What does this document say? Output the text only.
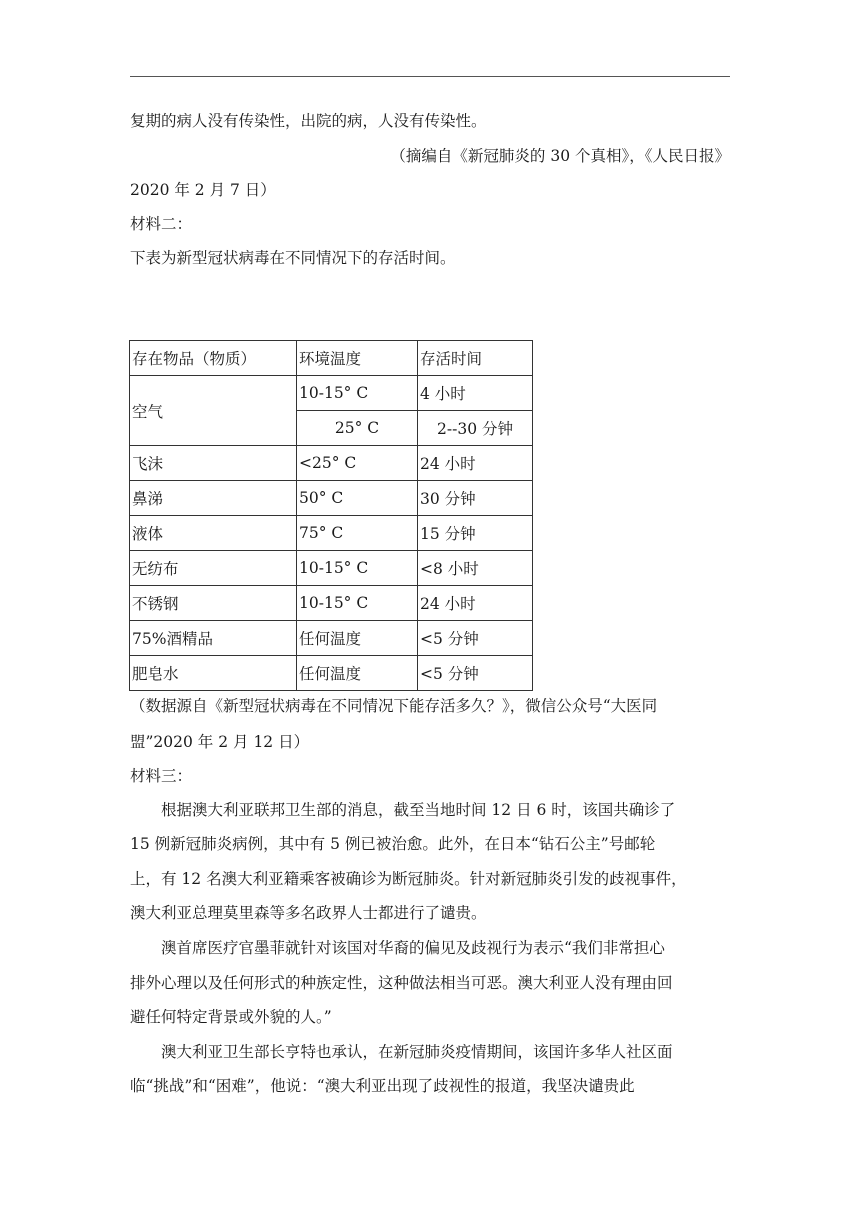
复期的病人没有传染性，出院的病，人没有传染性。
（摘编自《新冠肺炎的 30 个真相》，《人民日报》
2020 年 2 月 7 日）
材料二：
下表为新型冠状病毒在不同情况下的存活时间。
存在物品（物质）	环境温度	存活时间
空气	10-15° C	4 小时
	25° C	2--30 分钟
飞沫	<25° C	24 小时
鼻涕	50° C	30 分钟
液体	75° C	15 分钟
无纺布	10-15° C	<8 小时
不锈钢	10-15° C	24 小时
75%酒精品	任何温度	<5 分钟
肥皂水	任何温度	<5 分钟
（数据源自《新型冠状病毒在不同情况下能存活多久？》，微信公众号“大医同
盟”2020 年 2 月 12 日）
材料三：
根据澳大利亚联邦卫生部的消息，截至当地时间 12 日 6 时，该国共确诊了
15 例新冠肺炎病例，其中有 5 例已被治愈。此外，在日本“钻石公主”号邮轮
上，有 12 名澳大利亚籍乘客被确诊为断冠肺炎。针对新冠肺炎引发的歧视事件，
澳大利亚总理莫里森等多名政界人士都进行了谴贵。
澳首席医疗官墨菲就针对该国对华裔的偏见及歧视行为表示“我们非常担心
排外心理以及任何形式的种族定性，这种做法相当可恶。澳大利亚人没有理由回
避任何特定背景或外貌的人。”
澳大利亚卫生部长亨特也承认，在新冠肺炎疫情期间，该国许多华人社区面
临“挑战”和“困难”，他说：“澳大利亚出现了歧视性的报道，我坚决谴贵此
